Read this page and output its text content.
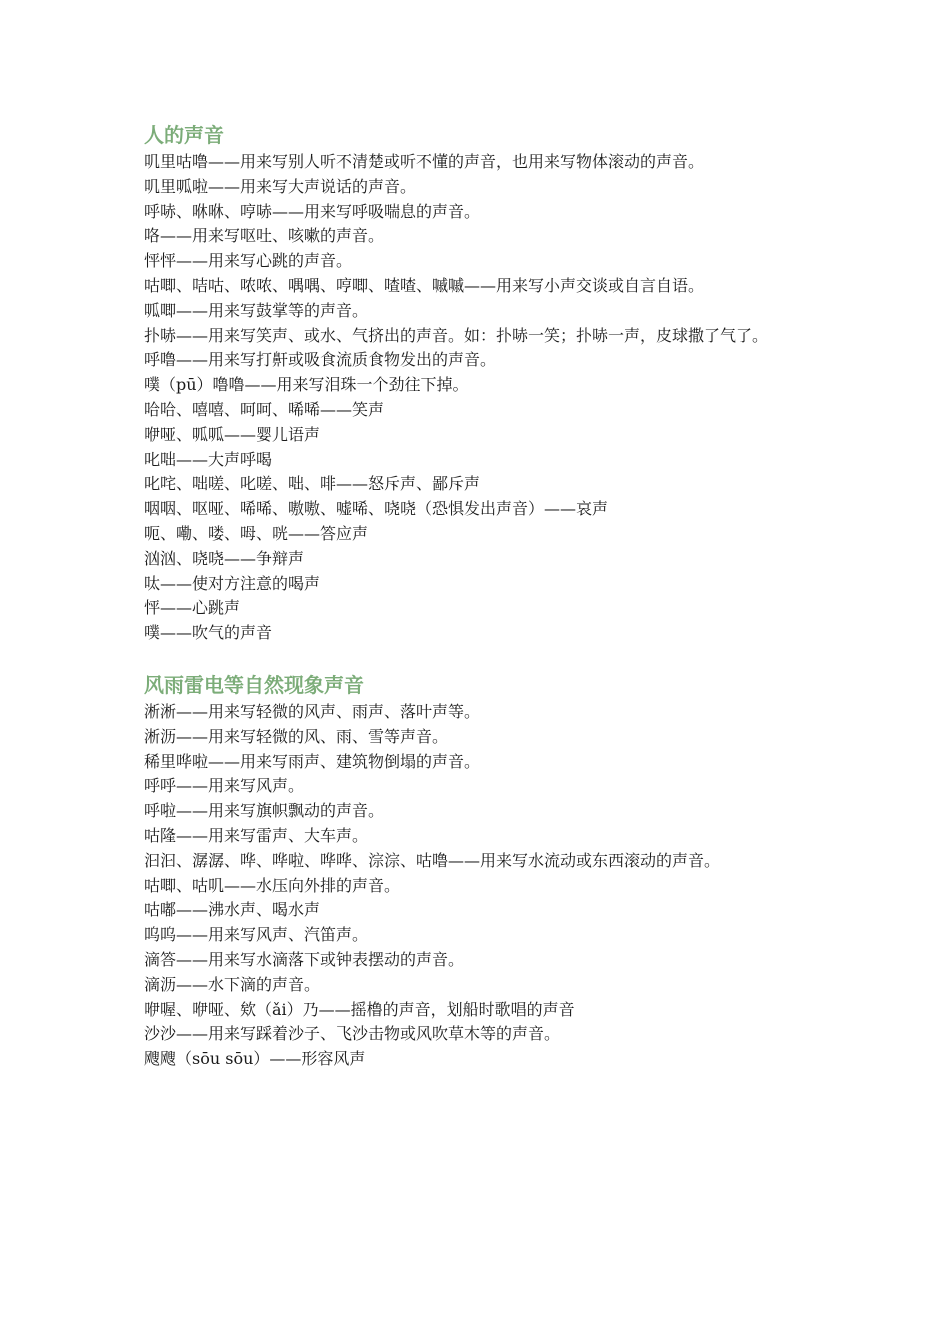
人的声音
叽里咕噜——用来写别人听不清楚或听不懂的声音，也用来写物体滚动的声音。
叽里呱啦——用来写大声说话的声音。
呼哧、咻咻、哼哧——用来写呼吸喘息的声音。
咯——用来写呕吐、咳嗽的声音。
怦怦——用来写心跳的声音。
咕唧、咭咕、哝哝、喁喁、哼唧、喳喳、嘁嘁——用来写小声交谈或自言自语。
呱唧——用来写鼓掌等的声音。
扑哧——用来写笑声、或水、气挤出的声音。如：扑哧一笑；扑哧一声，皮球撒了气了。
呼噜——用来写打鼾或吸食流质食物发出的声音。
噗（pū）噜噜——用来写泪珠一个劲往下掉。
哈哈、嘻嘻、呵呵、唏唏——笑声
咿哑、呱呱——婴儿语声
叱咄——大声呼喝
叱咤、咄嗟、叱嗟、咄、啡——怒斥声、鄙斥声
咽咽、呕哑、唏唏、嗷嗷、嘘唏、哓哓（恐惧发出声音）——哀声
呃、嘞、喽、呣、咣——答应声
汹汹、哓哓——争辩声
呔——使对方注意的喝声
怦——心跳声
噗——吹气的声音
风雨雷电等自然现象声音
淅淅——用来写轻微的风声、雨声、落叶声等。
淅沥——用来写轻微的风、雨、雪等声音。
稀里哗啦——用来写雨声、建筑物倒塌的声音。
呼呼——用来写风声。
呼啦——用来写旗帜飘动的声音。
咕隆——用来写雷声、大车声。
汩汩、潺潺、哗、哗啦、哗哗、淙淙、咕噜——用来写水流动或东西滚动的声音。
咕唧、咕叽——水压向外排的声音。
咕嘟——沸水声、喝水声
呜呜——用来写风声、汽笛声。
滴答——用来写水滴落下或钟表摆动的声音。
滴沥——水下滴的声音。
咿喔、咿哑、欸（ǎi）乃——摇橹的声音，划船时歌唱的声音
沙沙——用来写踩着沙子、飞沙击物或风吹草木等的声音。
飕飕（sōu sōu）——形容风声
